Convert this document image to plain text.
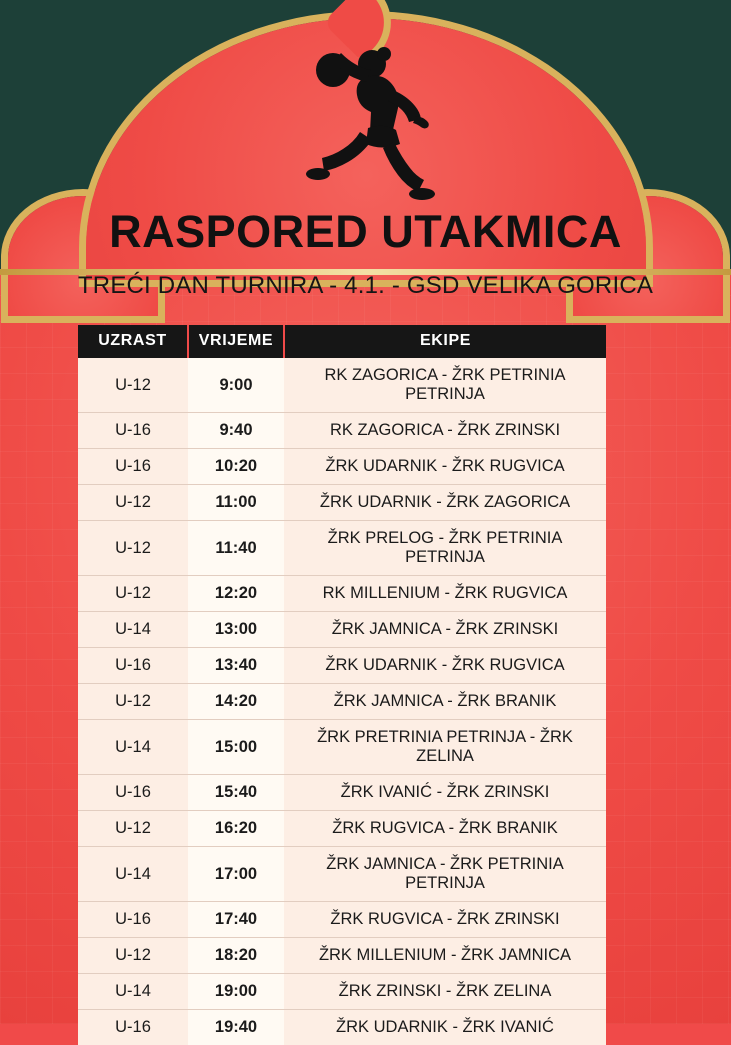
RASPORED UTAKMICA
TREĆI DAN TURNIRA - 4.1. - GSD VELIKA GORICA
UZRAST	VRIJEME	EKIPE
U-12	9:00	RK ZAGORICA - ŽRK PETRINIA PETRINJA
U-16	9:40	RK ZAGORICA - ŽRK ZRINSKI
U-16	10:20	ŽRK UDARNIK - ŽRK RUGVICA
U-12	11:00	ŽRK UDARNIK - ŽRK ZAGORICA
U-12	11:40	ŽRK PRELOG - ŽRK PETRINIA PETRINJA
U-12	12:20	RK MILLENIUM - ŽRK RUGVICA
U-14	13:00	ŽRK JAMNICA - ŽRK ZRINSKI
U-16	13:40	ŽRK UDARNIK - ŽRK RUGVICA
U-12	14:20	ŽRK JAMNICA - ŽRK BRANIK
U-14	15:00	ŽRK PRETRINIA PETRINJA - ŽRK ZELINA
U-16	15:40	ŽRK IVANIĆ - ŽRK ZRINSKI
U-12	16:20	ŽRK RUGVICA - ŽRK BRANIK
U-14	17:00	ŽRK JAMNICA - ŽRK PETRINIA PETRINJA
U-16	17:40	ŽRK RUGVICA - ŽRK ZRINSKI
U-12	18:20	ŽRK MILLENIUM - ŽRK JAMNICA
U-14	19:00	ŽRK ZRINSKI - ŽRK ZELINA
U-16	19:40	ŽRK UDARNIK - ŽRK IVANIĆ
